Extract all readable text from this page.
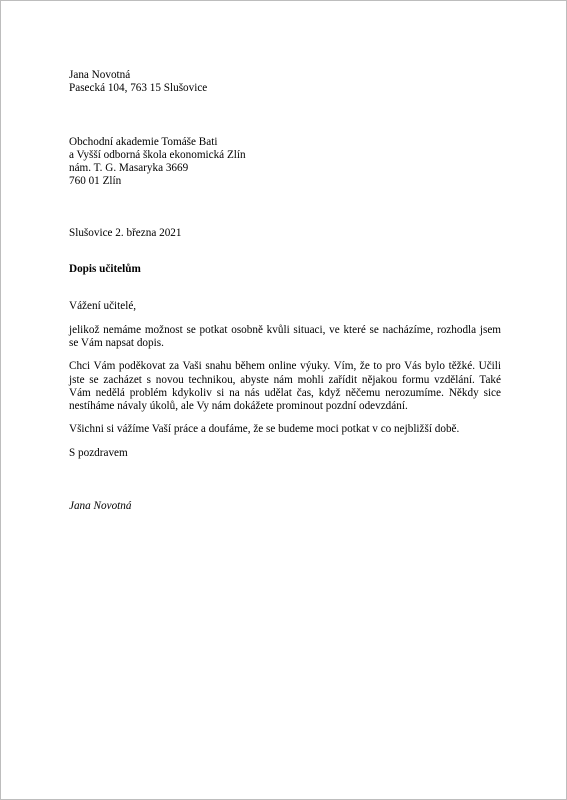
Jana Novotná
Pasecká 104, 763 15 Slušovice
Obchodní akademie Tomáše Bati
a Vyšší odborná škola ekonomická Zlín
nám. T. G. Masaryka 3669
760 01 Zlín
Slušovice 2. března 2021
Dopis učitelům
Vážení učitelé,
jelikož nemáme možnost se potkat osobně kvůli situaci, ve které se nacházíme, rozhodla jsem
se Vám napsat dopis.
Chci Vám poděkovat za Vaši snahu během online výuky. Vím, že to pro Vás bylo těžké. Učili
jste se zacházet s novou technikou, abyste nám mohli zařídit nějakou formu vzdělání. Také
Vám nedělá problém kdykoliv si na nás udělat čas, když něčemu nerozumíme. Někdy sice
nestíháme návaly úkolů, ale Vy nám dokážete prominout pozdní odevzdání.
Všichni si vážíme Vaší práce a doufáme, že se budeme moci potkat v co nejbližší době.
S pozdravem
Jana Novotná
